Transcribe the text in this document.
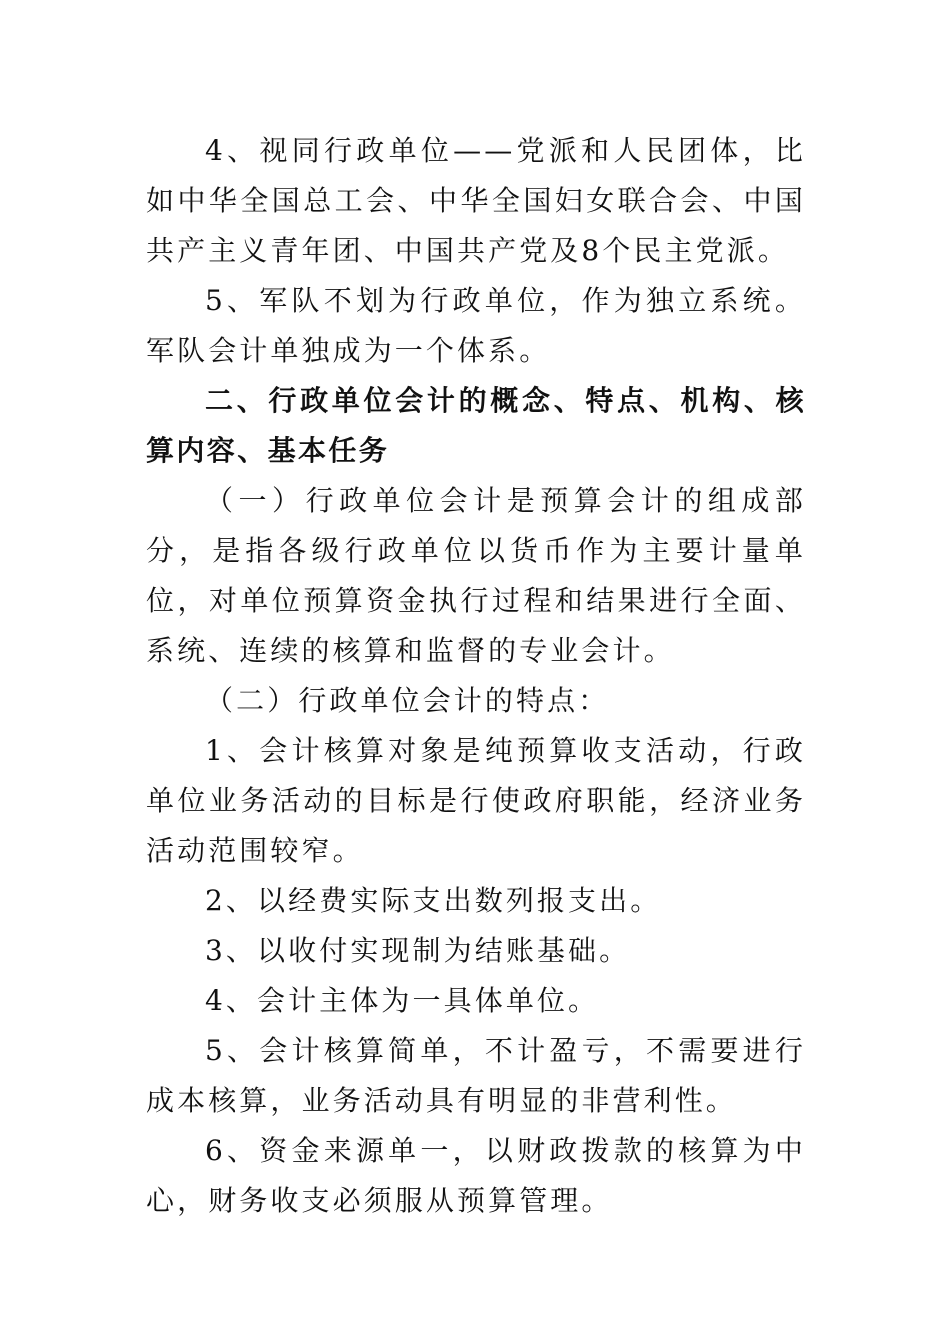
4、视同行政单位——党派和人民团体，比如中华全国总工会、中华全国妇女联合会、中国共产主义青年团、中国共产党及8个民主党派。

5、军队不划为行政单位，作为独立系统。军队会计单独成为一个体系。

二、行政单位会计的概念、特点、机构、核算内容、基本任务

（一）行政单位会计是预算会计的组成部分，是指各级行政单位以货币作为主要计量单位，对单位预算资金执行过程和结果进行全面、系统、连续的核算和监督的专业会计。

（二）行政单位会计的特点：

1、会计核算对象是纯预算收支活动，行政单位业务活动的目标是行使政府职能，经济业务活动范围较窄。

2、以经费实际支出数列报支出。

3、以收付实现制为结账基础。

4、会计主体为一具体单位。

5、会计核算简单，不计盈亏，不需要进行成本核算，业务活动具有明显的非营利性。

6、资金来源单一，以财政拨款的核算为中心，财务收支必须服从预算管理。
